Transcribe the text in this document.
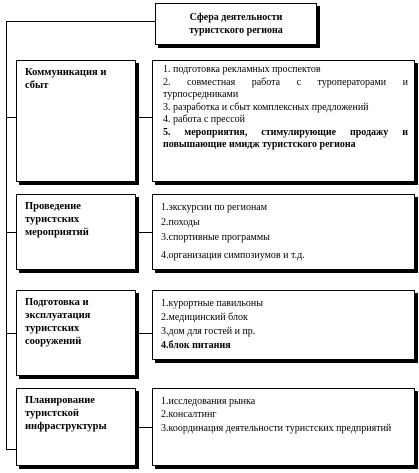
Сфера деятельности туристского региона
Коммуникация и сбыт
1. подготовка рекламных проспектов
2. совместная работа с туроператорами и турпосредниками
3. разработка и сбыт комплексных предложений
4. работа с прессой
5. мероприятия, стимулирующие продажу и повышающие имидж туристского региона
Проведение туристских мероприятий
1.экскурсии по регионам
2.походы
3.спортивные программы
4.организация симпозиумов и т.д.
Подготовка и эксплуатация туристских сооружений
1.курортные павильоны
2.медицинский блок
3.дом для гостей и пр.
4.блок питания
Планирование туристской инфраструктуры
1.исследования рынка
2.консалтинг
3.координация деятельности туристских предприятий
